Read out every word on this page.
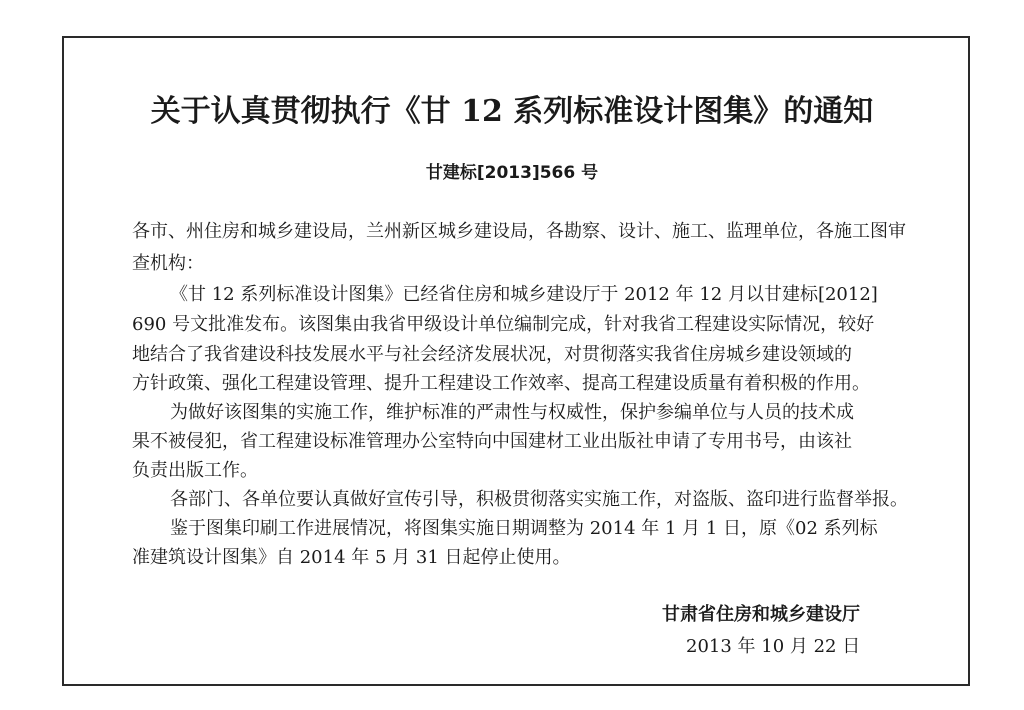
关于认真贯彻执行《甘 12 系列标准设计图集》的通知
甘建标[2013]566 号
各市、州住房和城乡建设局，兰州新区城乡建设局，各勘察、设计、施工、监理单位，各施工图审
查机构：
《甘 12 系列标准设计图集》已经省住房和城乡建设厅于 2012 年 12 月以甘建标[2012]
690 号文批准发布。该图集由我省甲级设计单位编制完成，针对我省工程建设实际情况，较好
地结合了我省建设科技发展水平与社会经济发展状况，对贯彻落实我省住房城乡建设领域的
方针政策、强化工程建设管理、提升工程建设工作效率、提高工程建设质量有着积极的作用。
为做好该图集的实施工作，维护标准的严肃性与权威性，保护参编单位与人员的技术成
果不被侵犯，省工程建设标准管理办公室特向中国建材工业出版社申请了专用书号，由该社
负责出版工作。
各部门、各单位要认真做好宣传引导，积极贯彻落实实施工作，对盗版、盗印进行监督举报。
鉴于图集印刷工作进展情况，将图集实施日期调整为 2014 年 1 月 1 日，原《02 系列标
准建筑设计图集》自 2014 年 5 月 31 日起停止使用。
甘肃省住房和城乡建设厅
2013 年 10 月 22 日
